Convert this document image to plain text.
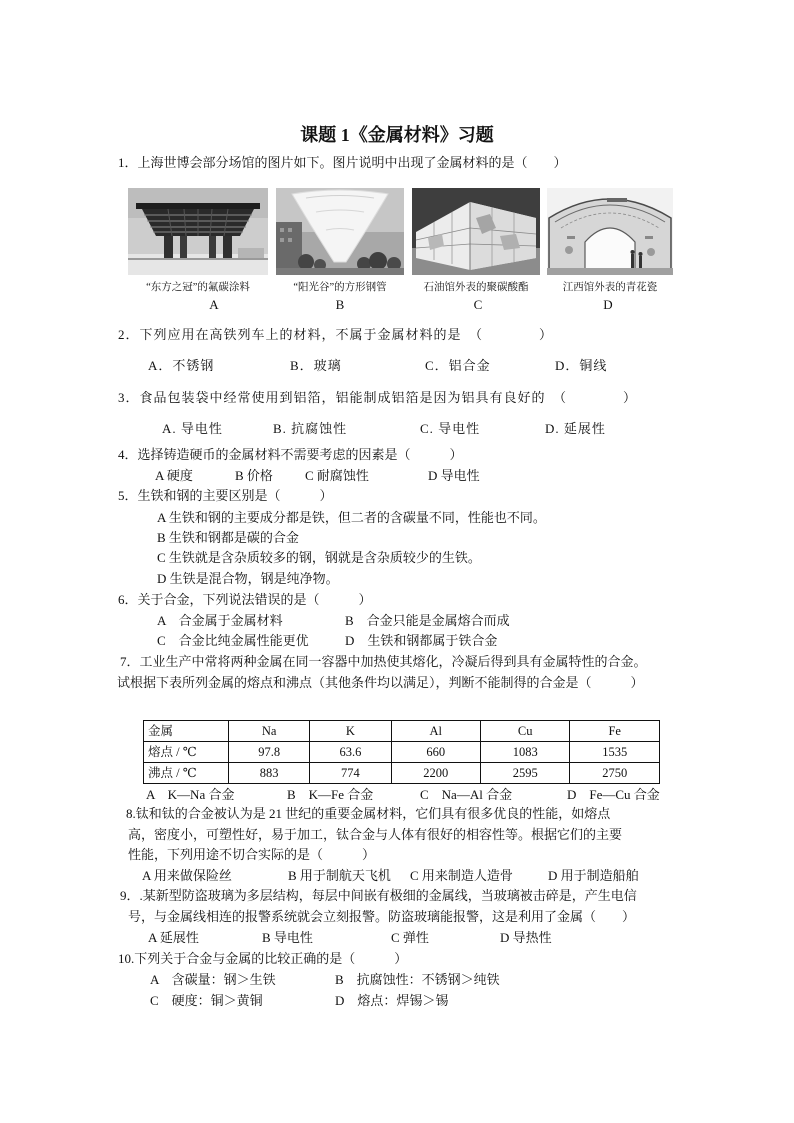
课题 1《金属材料》习题
1．上海世博会部分场馆的图片如下。图片说明中出现了金属材料的是（　　）
“东方之冠”的氟碳涂料	“阳光谷”的方形钢管	石油馆外表的聚碳酸酯	江西馆外表的青花瓷
A	B	C	D
2．下列应用在高铁列车上的材料，不属于金属材料的是　（　　　　）
A．不锈钢	B．玻璃	C．铝合金	D．铜线
3．食品包装袋中经常使用到铝箔，铝能制成铝箔是因为铝具有良好的　（　　　　）
A. 导电性	B. 抗腐蚀性	C. 导电性	D. 延展性
4．选择铸造硬币的金属材料不需要考虑的因素是（　　　）
A 硬度	B 价格 C 耐腐蚀性	D 导电性
5．生铁和钢的主要区别是（　　　）
A 生铁和钢的主要成分都是铁，但二者的含碳量不同，性能也不同。
B 生铁和钢都是碳的合金
C 生铁就是含杂质较多的钢，钢就是含杂质较少的生铁。
D 生铁是混合物，钢是纯净物。
6．关于合金，下列说法错误的是（　　　）
A　合金属于金属材料	B　合金只能是金属熔合而成
C　合金比纯金属性能更优	D　生铁和钢都属于铁合金
7．工业生产中常将两种金属在同一容器中加热使其熔化，冷凝后得到具有金属特性的合金。
试根据下表所列金属的熔点和沸点（其他条件均以满足），判断不能制得的合金是（　　　）
金属	Na	K	Al	Cu	Fe
熔点 / ℃	97.8	63.6	660	1083	1535
沸点 / ℃	883	774	2200	2595	2750
A　K—Na 合金	B　K—Fe 合金	C　Na—Al 合金	D　Fe—Cu 合金
8.钛和钛的合金被认为是 21 世纪的重要金属材料，它们具有很多优良的性能，如熔点
高，密度小，可塑性好，易于加工，钛合金与人体有很好的相容性等。根据它们的主要
性能，下列用途不切合实际的是（　　　）
A 用来做保险丝	B 用于制航天飞机 C 用来制造人造骨	D 用于制造船舶
9．.某新型防盗玻璃为多层结构，每层中间嵌有极细的金属线，当玻璃被击碎是，产生电信
号，与金属线相连的报警系统就会立刻报警。防盗玻璃能报警，这是利用了金属（　　）
A 延展性	B 导电性	C 弹性	D 导热性
10.下列关于合金与金属的比较正确的是（　　　）
A　含碳量：钢＞生铁	B　抗腐蚀性：不锈钢＞纯铁
C　硬度：铜＞黄铜	D　熔点：焊锡＞锡
